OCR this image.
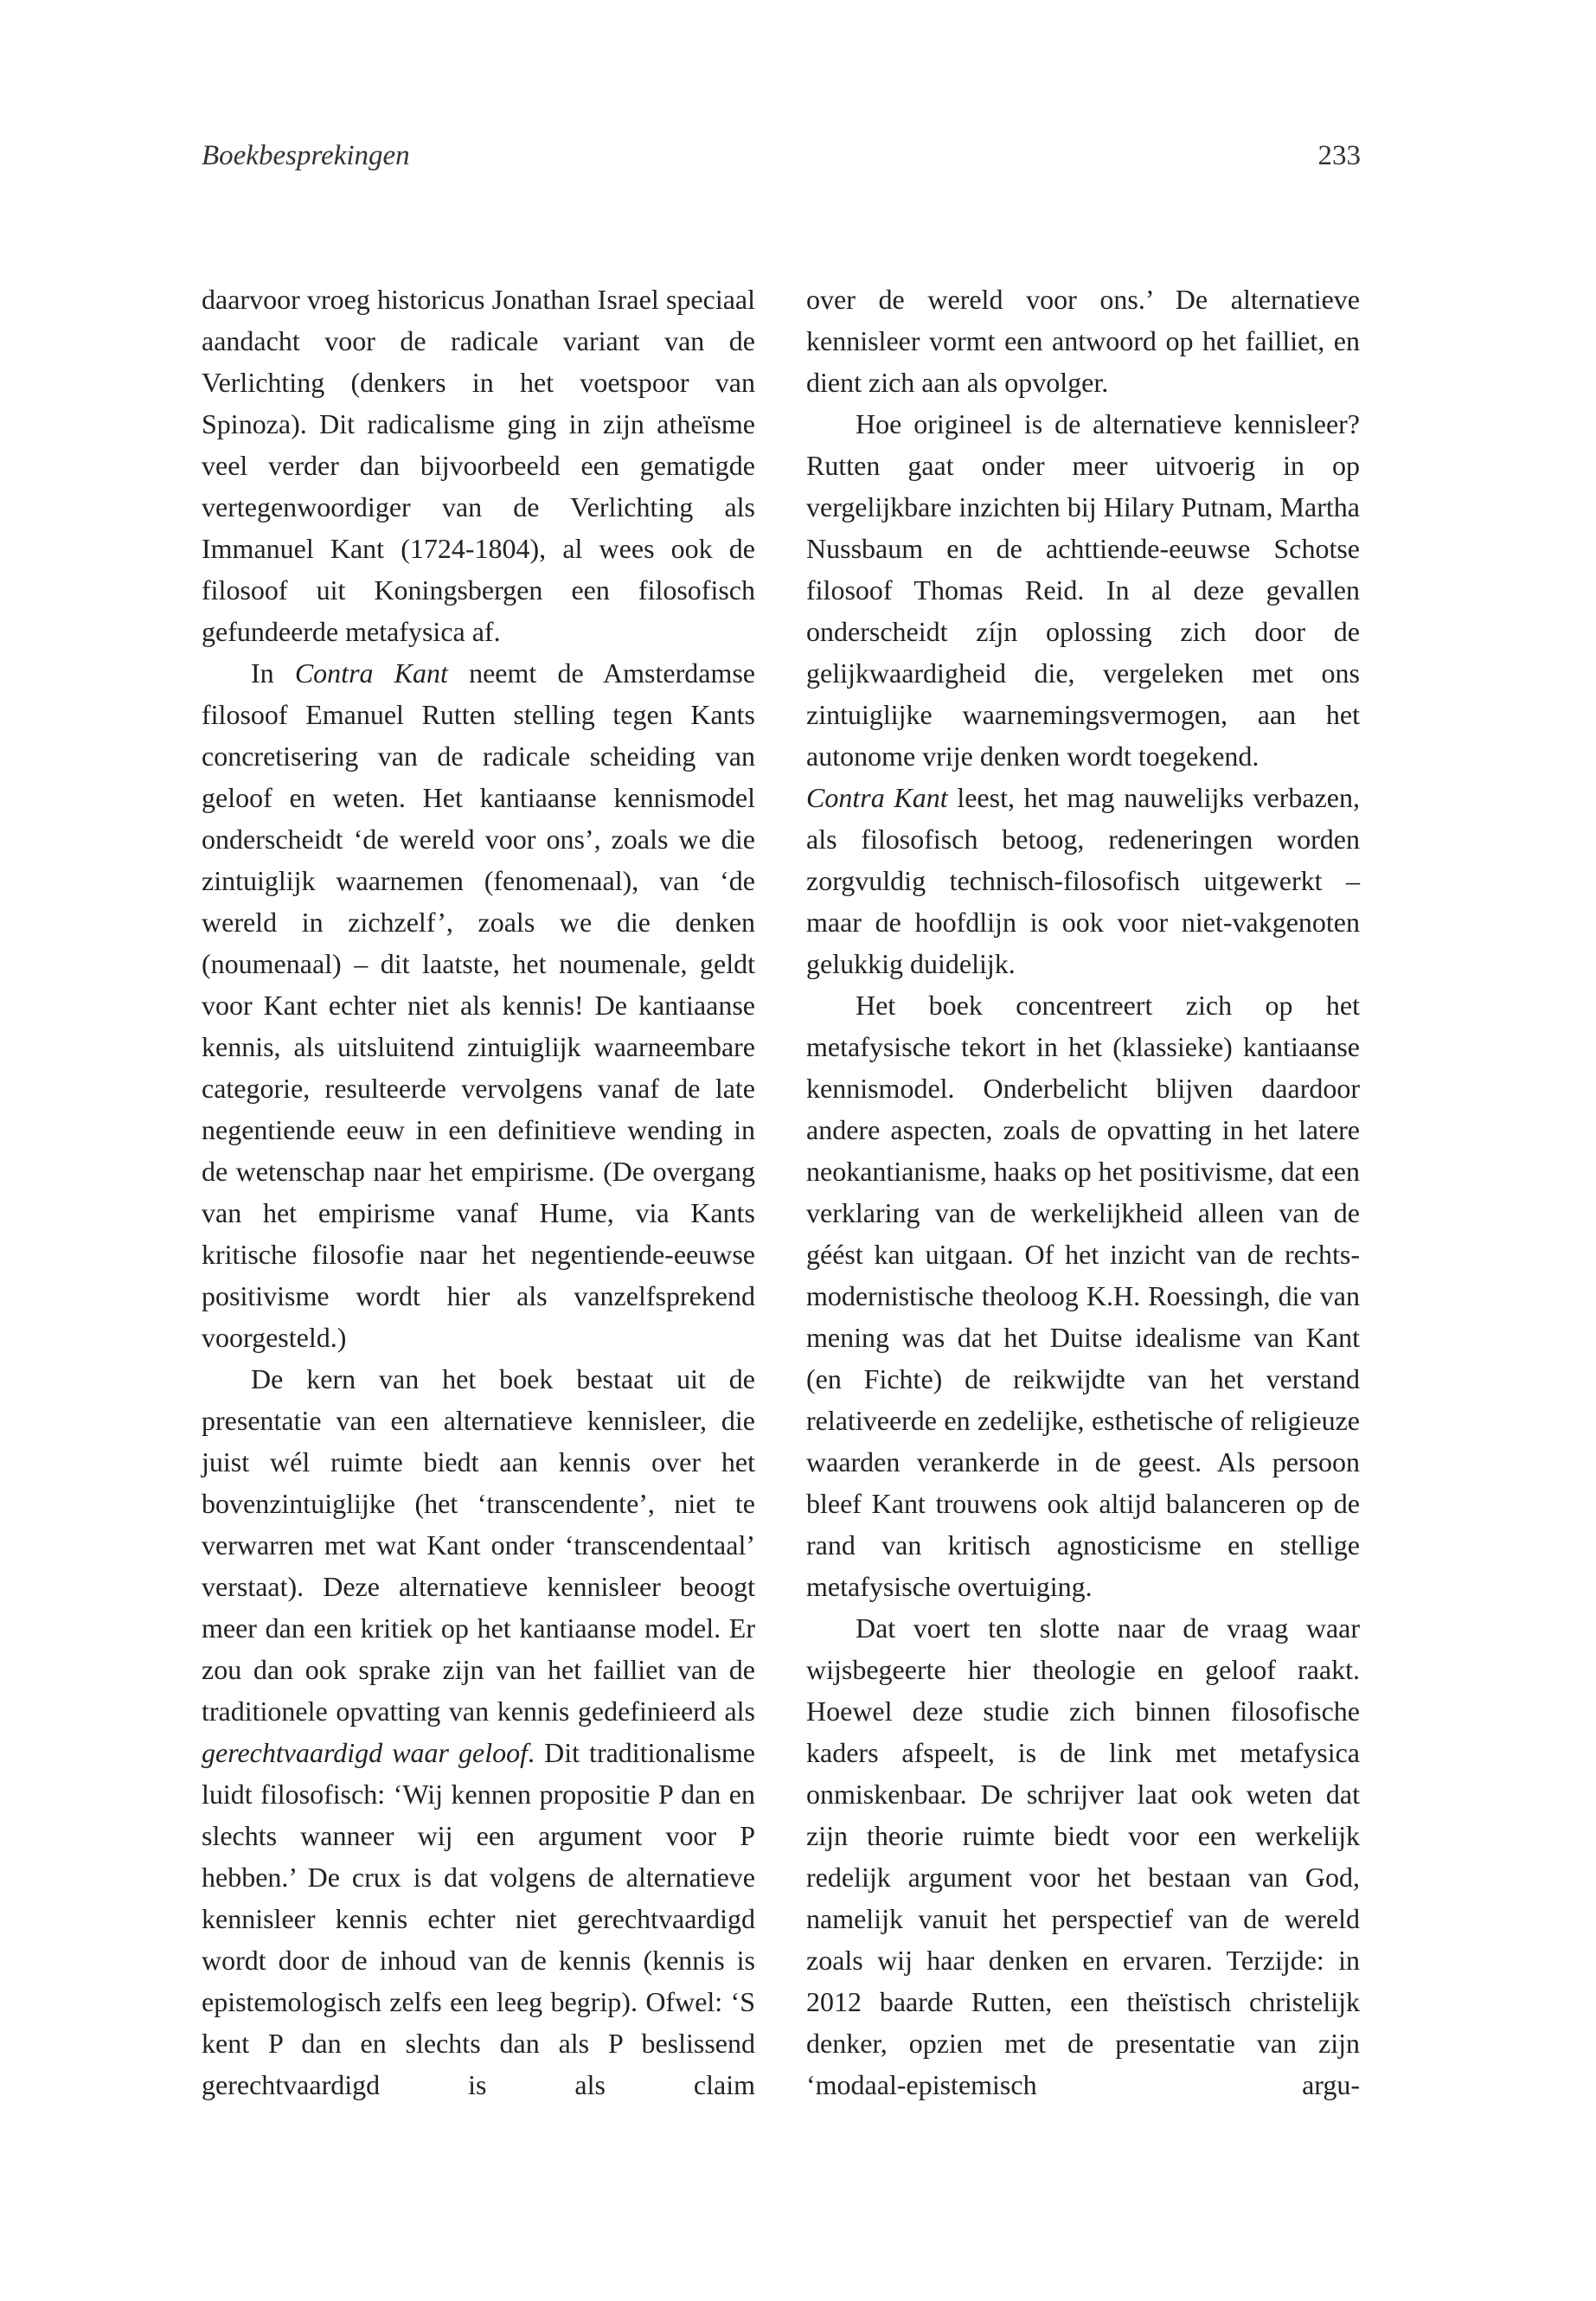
Boekbesprekingen	233

daarvoor vroeg historicus Jonathan Israel speciaal aandacht voor de radicale variant van de Verlichting (denkers in het voetspoor van Spinoza). Dit radicalisme ging in zijn atheïsme veel verder dan bijvoorbeeld een gematigde vertegenwoordiger van de Verlichting als Immanuel Kant (1724-1804), al wees ook de filosoof uit Koningsbergen een filosofisch gefundeerde metafysica af.

In Contra Kant neemt de Amsterdamse filosoof Emanuel Rutten stelling tegen Kants concretisering van de radicale scheiding van geloof en weten. Het kantiaanse kennismodel onderscheidt ‘de wereld voor ons’, zoals we die zintuiglijk waarnemen (fenomenaal), van ‘de wereld in zichzelf’, zoals we die denken (noumenaal) – dit laatste, het noumenale, geldt voor Kant echter niet als kennis! De kantiaanse kennis, als uitsluitend zintuiglijk waarneembare categorie, resulteerde vervolgens vanaf de late negentiende eeuw in een definitieve wending in de wetenschap naar het empirisme. (De overgang van het empirisme vanaf Hume, via Kants kritische filosofie naar het negentiende-eeuwse positivisme wordt hier als vanzelfsprekend voorgesteld.)

De kern van het boek bestaat uit de presentatie van een alternatieve kennisleer, die juist wél ruimte biedt aan kennis over het bovenzintuiglijke (het ‘transcendente’, niet te verwarren met wat Kant onder ‘transcendentaal’ verstaat). Deze alternatieve kennisleer beoogt meer dan een kritiek op het kantiaanse model. Er zou dan ook sprake zijn van het failliet van de traditionele opvatting van kennis gedefinieerd als gerechtvaardigd waar geloof. Dit traditionalisme luidt filosofisch: ‘Wij kennen propositie P dan en slechts wanneer wij een argument voor P hebben.’ De crux is dat volgens de alternatieve kennisleer kennis echter niet gerechtvaardigd wordt door de inhoud van de kennis (kennis is epistemologisch zelfs een leeg begrip). Ofwel: ‘S kent P dan en slechts dan als P beslissend gerechtvaardigd is als claim

over de wereld voor ons.’ De alternatieve kennisleer vormt een antwoord op het failliet, en dient zich aan als opvolger.

Hoe origineel is de alternatieve kennisleer? Rutten gaat onder meer uitvoerig in op vergelijkbare inzichten bij Hilary Putnam, Martha Nussbaum en de achttiende-eeuwse Schotse filosoof Thomas Reid. In al deze gevallen onderscheidt zíjn oplossing zich door de gelijkwaardigheid die, vergeleken met ons zintuiglijke waarnemingsvermogen, aan het autonome vrije denken wordt toegekend.

Contra Kant leest, het mag nauwelijks verbazen, als filosofisch betoog, redeneringen worden zorgvuldig technisch-filosofisch uitgewerkt – maar de hoofdlijn is ook voor niet-vakgenoten gelukkig duidelijk.

Het boek concentreert zich op het metafysische tekort in het (klassieke) kantiaanse kennismodel. Onderbelicht blijven daardoor andere aspecten, zoals de opvatting in het latere neokantianisme, haaks op het positivisme, dat een verklaring van de werkelijkheid alleen van de géést kan uitgaan. Of het inzicht van de rechts-modernistische theoloog K.H. Roessingh, die van mening was dat het Duitse idealisme van Kant (en Fichte) de reikwijdte van het verstand relativeerde en zedelijke, esthetische of religieuze waarden verankerde in de geest. Als persoon bleef Kant trouwens ook altijd balanceren op de rand van kritisch agnosticisme en stellige metafysische overtuiging.

Dat voert ten slotte naar de vraag waar wijsbegeerte hier theologie en geloof raakt. Hoewel deze studie zich binnen filosofische kaders afspeelt, is de link met metafysica onmiskenbaar. De schrijver laat ook weten dat zijn theorie ruimte biedt voor een werkelijk redelijk argument voor het bestaan van God, namelijk vanuit het perspectief van de wereld zoals wij haar denken en ervaren. Terzijde: in 2012 baarde Rutten, een theïstisch christelijk denker, opzien met de presentatie van zijn ‘modaal-epistemisch argu-
